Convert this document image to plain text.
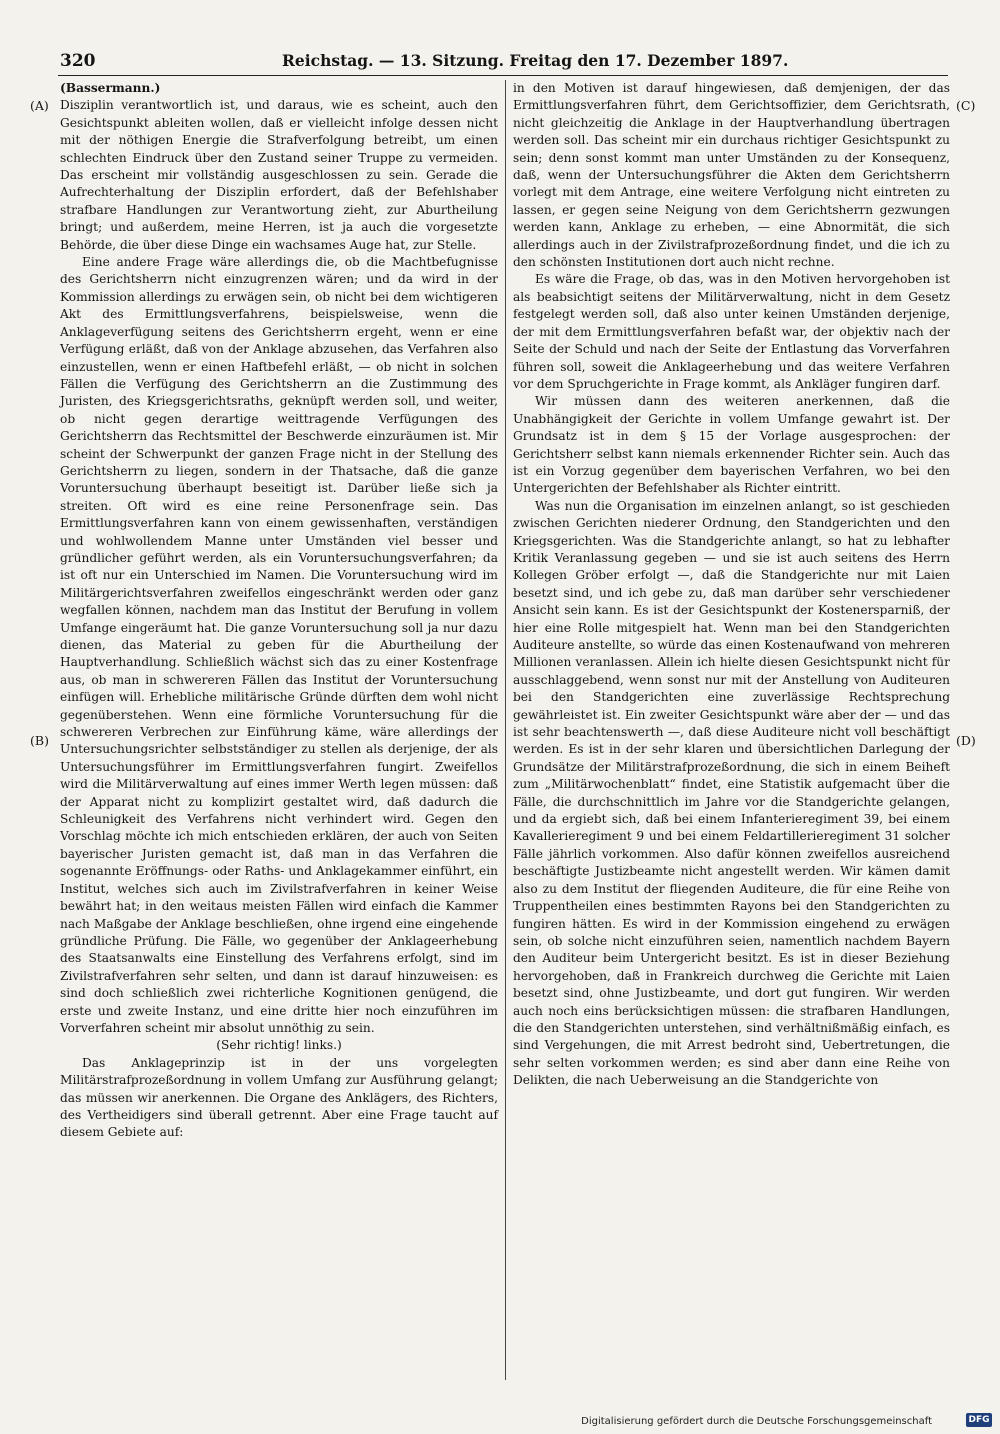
320	Reichstag. — 13. Sitzung. Freitag den 17. Dezember 1897.
(A)
(B)
(C)
(D)

(Bassermann.)

Disziplin verantwortlich ist, und daraus, wie es scheint, auch den Gesichtspunkt ableiten wollen, daß er vielleicht infolge dessen nicht mit der nöthigen Energie die Strafverfolgung betreibt, um einen schlechten Eindruck über den Zustand seiner Truppe zu vermeiden. Das erscheint mir vollständig ausgeschlossen zu sein. Gerade die Aufrechterhaltung der Disziplin erfordert, daß der Befehlshaber strafbare Handlungen zur Verantwortung zieht, zur Aburtheilung bringt; und außerdem, meine Herren, ist ja auch die vorgesetzte Behörde, die über diese Dinge ein wachsames Auge hat, zur Stelle.

Eine andere Frage wäre allerdings die, ob die Machtbefugnisse des Gerichtsherrn nicht einzugrenzen wären; und da wird in der Kommission allerdings zu erwägen sein, ob nicht bei dem wichtigeren Akt des Ermittlungsverfahrens, beispielsweise, wenn die Anklageverfügung seitens des Gerichtsherrn ergeht, wenn er eine Verfügung erläßt, daß von der Anklage abzusehen, das Verfahren also einzustellen, wenn er einen Haftbefehl erläßt, — ob nicht in solchen Fällen die Verfügung des Gerichtsherrn an die Zustimmung des Juristen, des Kriegsgerichtsraths, geknüpft werden soll, und weiter, ob nicht gegen derartige weittragende Verfügungen des Gerichtsherrn das Rechtsmittel der Beschwerde einzuräumen ist. Mir scheint der Schwerpunkt der ganzen Frage nicht in der Stellung des Gerichtsherrn zu liegen, sondern in der Thatsache, daß die ganze Voruntersuchung überhaupt beseitigt ist. Darüber ließe sich ja streiten. Oft wird es eine reine Personenfrage sein. Das Ermittlungsverfahren kann von einem gewissenhaften, verständigen und wohlwollendem Manne unter Umständen viel besser und gründlicher geführt werden, als ein Voruntersuchungsverfahren; da ist oft nur ein Unterschied im Namen. Die Voruntersuchung wird im Militärgerichtsverfahren zweifellos eingeschränkt werden oder ganz wegfallen können, nachdem man das Institut der Berufung in vollem Umfange eingeräumt hat. Die ganze Voruntersuchung soll ja nur dazu dienen, das Material zu geben für die Aburtheilung der Hauptverhandlung. Schließlich wächst sich das zu einer Kostenfrage aus, ob man in schwereren Fällen das Institut der Voruntersuchung einfügen will. Erhebliche militärische Gründe dürften dem wohl nicht gegenüberstehen. Wenn eine förmliche Voruntersuchung für die schwereren Verbrechen zur Einführung käme, wäre allerdings der Untersuchungsrichter selbstständiger zu stellen als derjenige, der als Untersuchungsführer im Ermittlungsverfahren fungirt. Zweifellos wird die Militärverwaltung auf eines immer Werth legen müssen: daß der Apparat nicht zu komplizirt gestaltet wird, daß dadurch die Schleunigkeit des Verfahrens nicht verhindert wird. Gegen den Vorschlag möchte ich mich entschieden erklären, der auch von Seiten bayerischer Juristen gemacht ist, daß man in das Verfahren die sogenannte Eröffnungs- oder Raths- und Anklagekammer einführt, ein Institut, welches sich auch im Zivilstrafverfahren in keiner Weise bewährt hat; in den weitaus meisten Fällen wird einfach die Kammer nach Maßgabe der Anklage beschließen, ohne irgend eine eingehende gründliche Prüfung. Die Fälle, wo gegenüber der Anklageerhebung des Staatsanwalts eine Einstellung des Verfahrens erfolgt, sind im Zivilstrafverfahren sehr selten, und dann ist darauf hinzuweisen: es sind doch schließlich zwei richterliche Kognitionen genügend, die erste und zweite Instanz, und eine dritte hier noch einzuführen im Vorverfahren scheint mir absolut unnöthig zu sein.

(Sehr richtig! links.)

Das Anklageprinzip ist in der uns vorgelegten Militärstrafprozeßordnung in vollem Umfang zur Ausführung gelangt; das müssen wir anerkennen. Die Organe des Anklägers, des Richters, des Vertheidigers sind überall getrennt. Aber eine Frage taucht auf diesem Gebiete auf:

in den Motiven ist darauf hingewiesen, daß demjenigen, der das Ermittlungsverfahren führt, dem Gerichtsoffizier, dem Gerichtsrath, nicht gleichzeitig die Anklage in der Hauptverhandlung übertragen werden soll. Das scheint mir ein durchaus richtiger Gesichtspunkt zu sein; denn sonst kommt man unter Umständen zu der Konsequenz, daß, wenn der Untersuchungsführer die Akten dem Gerichtsherrn vorlegt mit dem Antrage, eine weitere Verfolgung nicht eintreten zu lassen, er gegen seine Neigung von dem Gerichtsherrn gezwungen werden kann, Anklage zu erheben, — eine Abnormität, die sich allerdings auch in der Zivilstrafprozeßordnung findet, und die ich zu den schönsten Institutionen dort auch nicht rechne.

Es wäre die Frage, ob das, was in den Motiven hervorgehoben ist als beabsichtigt seitens der Militärverwaltung, nicht in dem Gesetz festgelegt werden soll, daß also unter keinen Umständen derjenige, der mit dem Ermittlungsverfahren befaßt war, der objektiv nach der Seite der Schuld und nach der Seite der Entlastung das Vorverfahren führen soll, soweit die Anklageerhebung und das weitere Verfahren vor dem Spruchgerichte in Frage kommt, als Ankläger fungiren darf.

Wir müssen dann des weiteren anerkennen, daß die Unabhängigkeit der Gerichte in vollem Umfange gewahrt ist. Der Grundsatz ist in dem § 15 der Vorlage ausgesprochen: der Gerichtsherr selbst kann niemals erkennender Richter sein. Auch das ist ein Vorzug gegenüber dem bayerischen Verfahren, wo bei den Untergerichten der Befehlshaber als Richter eintritt.

Was nun die Organisation im einzelnen anlangt, so ist geschieden zwischen Gerichten niederer Ordnung, den Standgerichten und den Kriegsgerichten. Was die Standgerichte anlangt, so hat zu lebhafter Kritik Veranlassung gegeben — und sie ist auch seitens des Herrn Kollegen Gröber erfolgt —, daß die Standgerichte nur mit Laien besetzt sind, und ich gebe zu, daß man darüber sehr verschiedener Ansicht sein kann. Es ist der Gesichtspunkt der Kostenersparniß, der hier eine Rolle mitgespielt hat. Wenn man bei den Standgerichten Auditeure anstellte, so würde das einen Kostenaufwand von mehreren Millionen veranlassen. Allein ich hielte diesen Gesichtspunkt nicht für ausschlaggebend, wenn sonst nur mit der Anstellung von Auditeuren bei den Standgerichten eine zuverlässige Rechtsprechung gewährleistet ist. Ein zweiter Gesichtspunkt wäre aber der — und das ist sehr beachtenswerth —, daß diese Auditeure nicht voll beschäftigt werden. Es ist in der sehr klaren und übersichtlichen Darlegung der Grundsätze der Militärstrafprozeßordnung, die sich in einem Beiheft zum „Militärwochenblatt“ findet, eine Statistik aufgemacht über die Fälle, die durchschnittlich im Jahre vor die Standgerichte gelangen, und da ergiebt sich, daß bei einem Infanterieregiment 39, bei einem Kavallerieregiment 9 und bei einem Feldartillerieregiment 31 solcher Fälle jährlich vorkommen. Also dafür können zweifellos ausreichend beschäftigte Justizbeamte nicht angestellt werden. Wir kämen damit also zu dem Institut der fliegenden Auditeure, die für eine Reihe von Truppentheilen eines bestimmten Rayons bei den Standgerichten zu fungiren hätten. Es wird in der Kommission eingehend zu erwägen sein, ob solche nicht einzuführen seien, namentlich nachdem Bayern den Auditeur beim Untergericht besitzt. Es ist in dieser Beziehung hervorgehoben, daß in Frankreich durchweg die Gerichte mit Laien besetzt sind, ohne Justizbeamte, und dort gut fungiren. Wir werden auch noch eins berücksichtigen müssen: die strafbaren Handlungen, die den Standgerichten unterstehen, sind verhältnißmäßig einfach, es sind Vergehungen, die mit Arrest bedroht sind, Uebertretungen, die sehr selten vorkommen werden; es sind aber dann eine Reihe von Delikten, die nach Ueberweisung an die Standgerichte von

Digitalisierung gefördert durch die Deutsche Forschungsgemeinschaft	DFG
